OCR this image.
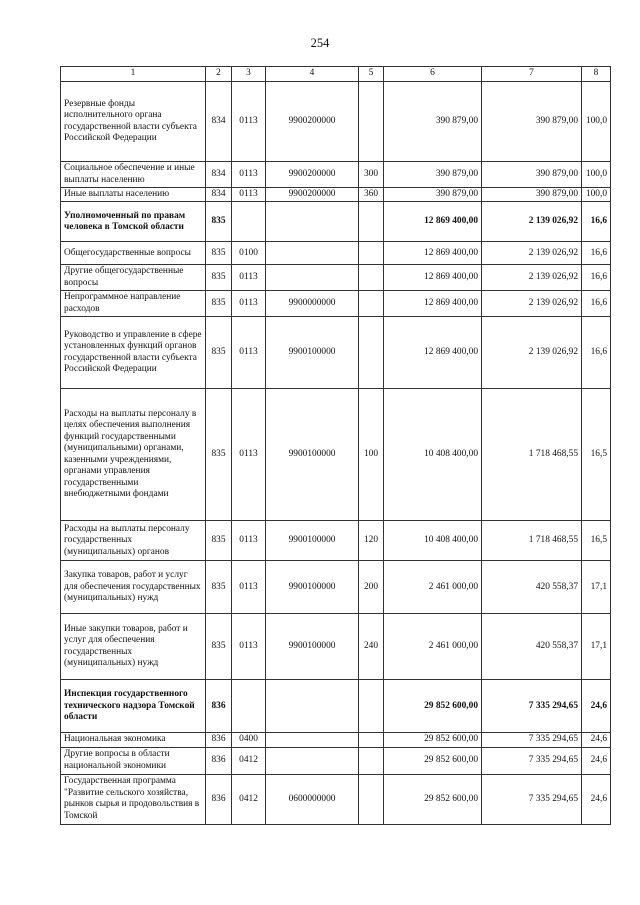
254
1	2	3	4	5	6	7	8
Резервные фонды исполнительного органа государственной власти субъекта Российской Федерации	834	0113	9900200000		390 879,00	390 879,00	100,0
Социальное обеспечение и иные выплаты населению	834	0113	9900200000	300	390 879,00	390 879,00	100,0
Иные выплаты населению	834	0113	9900200000	360	390 879,00	390 879,00	100,0
Уполномоченный по правам человека в Томской области	835				12 869 400,00	2 139 026,92	16,6
Общегосударственные вопросы	835	0100			12 869 400,00	2 139 026,92	16,6
Другие общегосударственные вопросы	835	0113			12 869 400,00	2 139 026,92	16,6
Непрограммное направление расходов	835	0113	9900000000		12 869 400,00	2 139 026,92	16,6
Руководство и управление в сфере установленных функций органов государственной власти субъекта Российской Федерации	835	0113	9900100000		12 869 400,00	2 139 026,92	16,6
Расходы на выплаты персоналу в целях обеспечения выполнения функций государственными (муниципальными) органами, казенными учреждениями, органами управления государственными внебюджетными фондами	835	0113	9900100000	100	10 408 400,00	1 718 468,55	16,5
Расходы на выплаты персоналу государственных (муниципальных) органов	835	0113	9900100000	120	10 408 400,00	1 718 468,55	16,5
Закупка товаров, работ и услуг для обеспечения государственных (муниципальных) нужд	835	0113	9900100000	200	2 461 000,00	420 558,37	17,1
Иные закупки товаров, работ и услуг для обеспечения государственных (муниципальных) нужд	835	0113	9900100000	240	2 461 000,00	420 558,37	17,1
Инспекция государственного технического надзора Томской области	836				29 852 600,00	7 335 294,65	24,6
Национальная экономика	836	0400			29 852 600,00	7 335 294,65	24,6
Другие вопросы в области национальной экономики	836	0412			29 852 600,00	7 335 294,65	24,6
Государственная программа "Развитие сельского хозяйства, рынков сырья и продовольствия в Томской	836	0412	0600000000		29 852 600,00	7 335 294,65	24,6
